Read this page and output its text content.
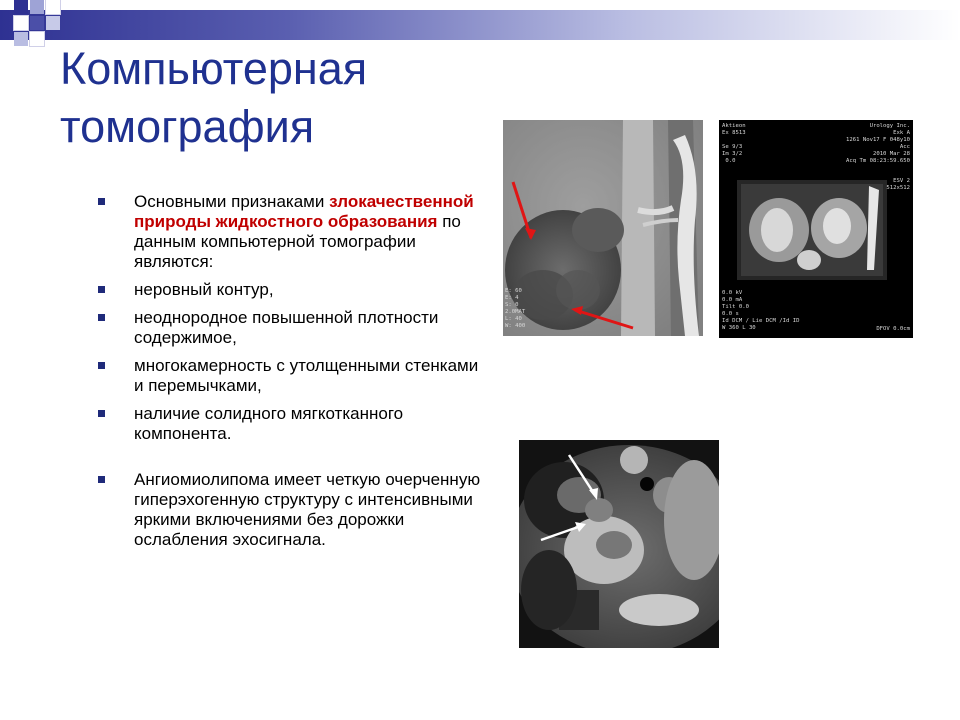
Компьютерная
томография
Основными признаками злокачественной природы жидкостного образования по данным компьютерной томографии являются:
неровный контур,
неоднородное повышенной плотности содержимое,
многокамерность с утолщенными стенками и перемычками,
наличие солидного мягкотканного компонента.
Ангиомиолипома имеет четкую очерченную гиперэхогенную структуру с интенсивными яркими включениями без дорожки ослабления эхосигнала.
Е: 60
E: 4
S: 0
2.0MAT
L: 40
W: 400
Aktieon
Ex 8513

Se 9/3
Im 3/2
0.0
Urology Inc.
Exk A
1261 Nov17 F 048y10
Acc
2010 Mar 28
Acq Tm 08:23:59.650
ESV 2
512x512
0.0 kV
0.0 mA
Tilt 0.0
0.0 s
Id DCM / Lie DCM /Id ID
W 360 L 30	DFOV 0.0cm
